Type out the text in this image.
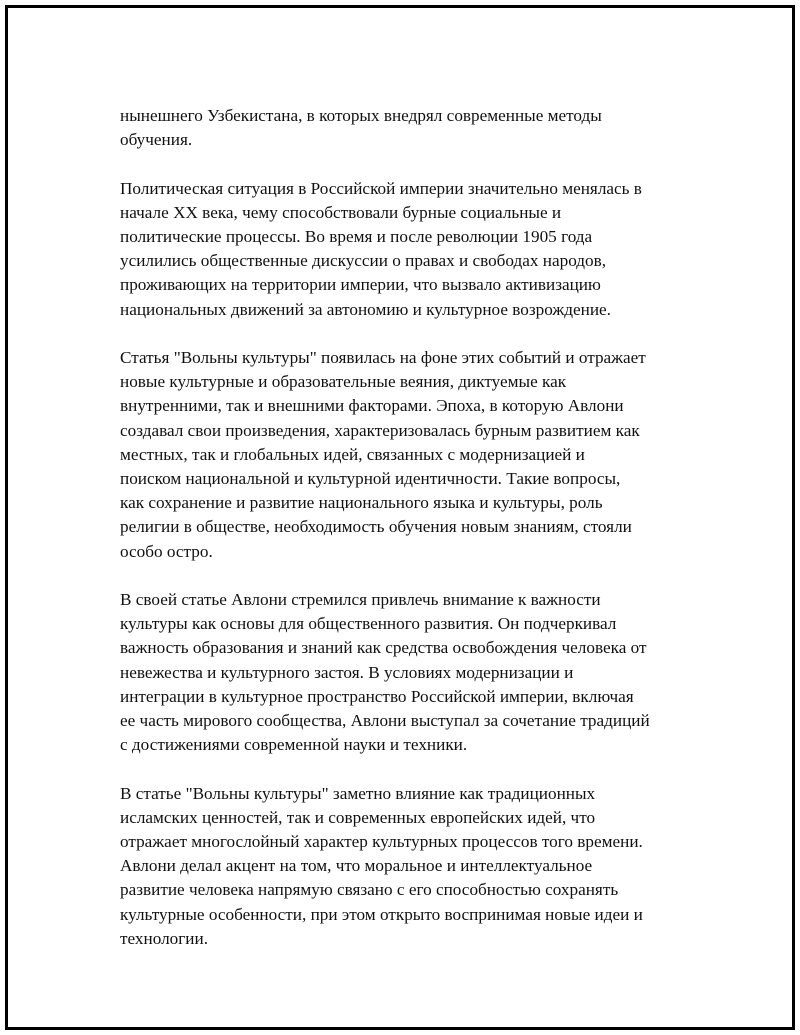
нынешнего Узбекистана, в которых внедрял современные методы
обучения.

Политическая ситуация в Российской империи значительно менялась в
начале XX века, чему способствовали бурные социальные и
политические процессы. Во время и после революции 1905 года
усилились общественные дискуссии о правах и свободах народов,
проживающих на территории империи, что вызвало активизацию
национальных движений за автономию и культурное возрождение.

Статья "Вольны культуры" появилась на фоне этих событий и отражает
новые культурные и образовательные веяния, диктуемые как
внутренними, так и внешними факторами. Эпоха, в которую Авлони
создавал свои произведения, характеризовалась бурным развитием как
местных, так и глобальных идей, связанных с модернизацией и
поиском национальной и культурной идентичности. Такие вопросы,
как сохранение и развитие национального языка и культуры, роль
религии в обществе, необходимость обучения новым знаниям, стояли
особо остро.

В своей статье Авлони стремился привлечь внимание к важности
культуры как основы для общественного развития. Он подчеркивал
важность образования и знаний как средства освобождения человека от
невежества и культурного застоя. В условиях модернизации и
интеграции в культурное пространство Российской империи, включая
ее часть мирового сообщества, Авлони выступал за сочетание традиций
с достижениями современной науки и техники.

В статье "Вольны культуры" заметно влияние как традиционных
исламских ценностей, так и современных европейских идей, что
отражает многослойный характер культурных процессов того времени.
Авлони делал акцент на том, что моральное и интеллектуальное
развитие человека напрямую связано с его способностью сохранять
культурные особенности, при этом открыто воспринимая новые идеи и
технологии.
